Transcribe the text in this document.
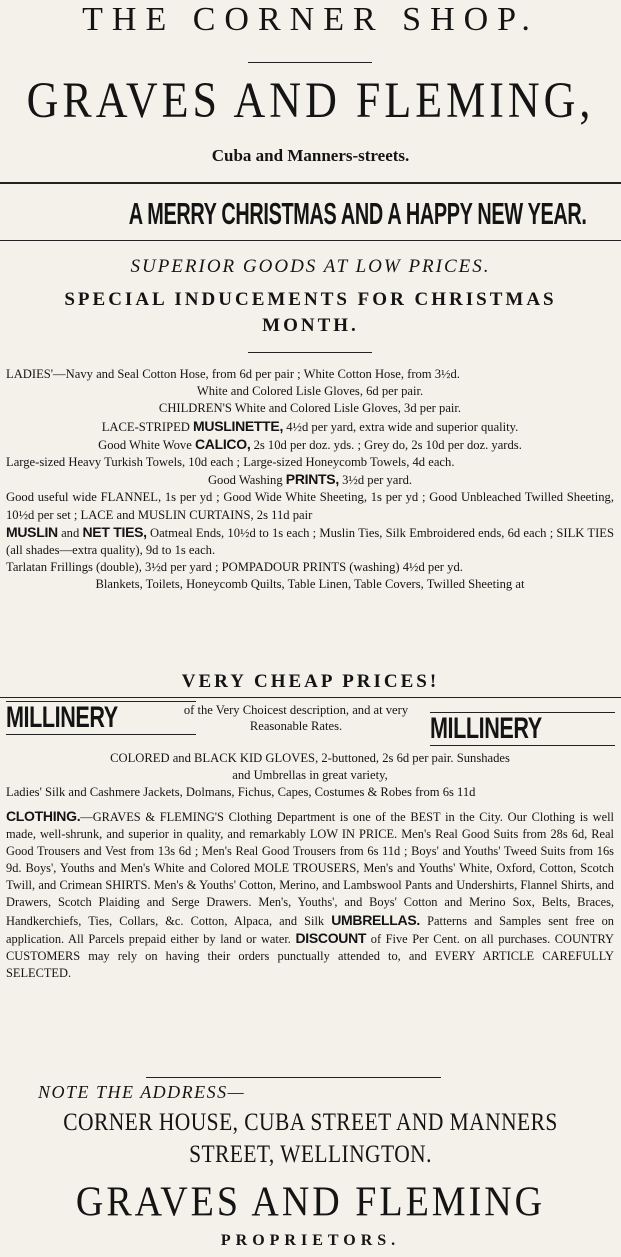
THE CORNER SHOP.
GRAVES AND FLEMING,
Cuba and Manners-streets.
A MERRY CHRISTMAS AND A HAPPY NEW YEAR.
SUPERIOR GOODS AT LOW PRICES.
SPECIAL INDUCEMENTS FOR CHRISTMAS
MONTH.

LADIES'—Navy and Seal Cotton Hose, from 6d per pair ; White Cotton Hose, from 3½d.

White and Colored Lisle Gloves, 6d per pair.

CHILDREN'S White and Colored Lisle Gloves, 3d per pair.

LACE-STRIPED MUSLINETTE, 4½d per yard, extra wide and superior quality.

Good White Wove CALICO, 2s 10d per doz. yds. ; Grey do, 2s 10d per doz. yards.

Large-sized Heavy Turkish Towels, 10d each ; Large-sized Honeycomb Towels, 4d each.

Good Washing PRINTS, 3½d per yard.

Good useful wide FLANNEL, 1s per yd ; Good Wide White Sheeting, 1s per yd ; Good Unbleached Twilled Sheeting, 10½d per set ; LACE and MUSLIN CURTAINS, 2s 11d pair

MUSLIN and NET TIES, Oatmeal Ends, 10½d to 1s each ; Muslin Ties, Silk Embroidered ends, 6d each ; SILK TIES (all shades—extra quality), 9d to 1s each.

Tarlatan Frillings (double), 3½d per yard ; POMPADOUR PRINTS (washing) 4½d per yd.

Blankets, Toilets, Honeycomb Quilts, Table Linen, Table Covers, Twilled Sheeting at

VERY CHEAP PRICES!
MILLINERY	of the Very Choicest description, and at very
Reasonable Rates.	MILLINERY

COLORED and BLACK KID GLOVES, 2-buttoned, 2s 6d per pair. Sunshades

and Umbrellas in great variety,

Ladies' Silk and Cashmere Jackets, Dolmans, Fichus, Capes, Costumes & Robes from 6s 11d

CLOTHING.—GRAVES & FLEMING'S Clothing Department is one of the BEST in the City. Our Clothing is well made, well-shrunk, and superior in quality, and remarkably LOW IN PRICE. Men's Real Good Suits from 28s 6d, Real Good Trousers and Vest from 13s 6d ; Men's Real Good Trousers from 6s 11d ; Boys' and Youths' Tweed Suits from 16s 9d. Boys', Youths and Men's White and Colored MOLE TROUSERS, Men's and Youths' White, Oxford, Cotton, Scotch Twill, and Crimean SHIRTS. Men's & Youths' Cotton, Merino, and Lambswool Pants and Undershirts, Flannel Shirts, and Drawers, Scotch Plaiding and Serge Drawers. Men's, Youths', and Boys' Cotton and Merino Sox, Belts, Braces, Handkerchiefs, Ties, Collars, &c. Cotton, Alpaca, and Silk UMBRELLAS. Patterns and Samples sent free on application. All Parcels prepaid either by land or water. DISCOUNT of Five Per Cent. on all purchases. COUNTRY CUSTOMERS may rely on having their orders punctually attended to, and EVERY ARTICLE CAREFULLY SELECTED.

NOTE THE ADDRESS—
CORNER HOUSE, CUBA STREET AND MANNERS
STREET, WELLINGTON.
GRAVES AND FLEMING
PROPRIETORS.
